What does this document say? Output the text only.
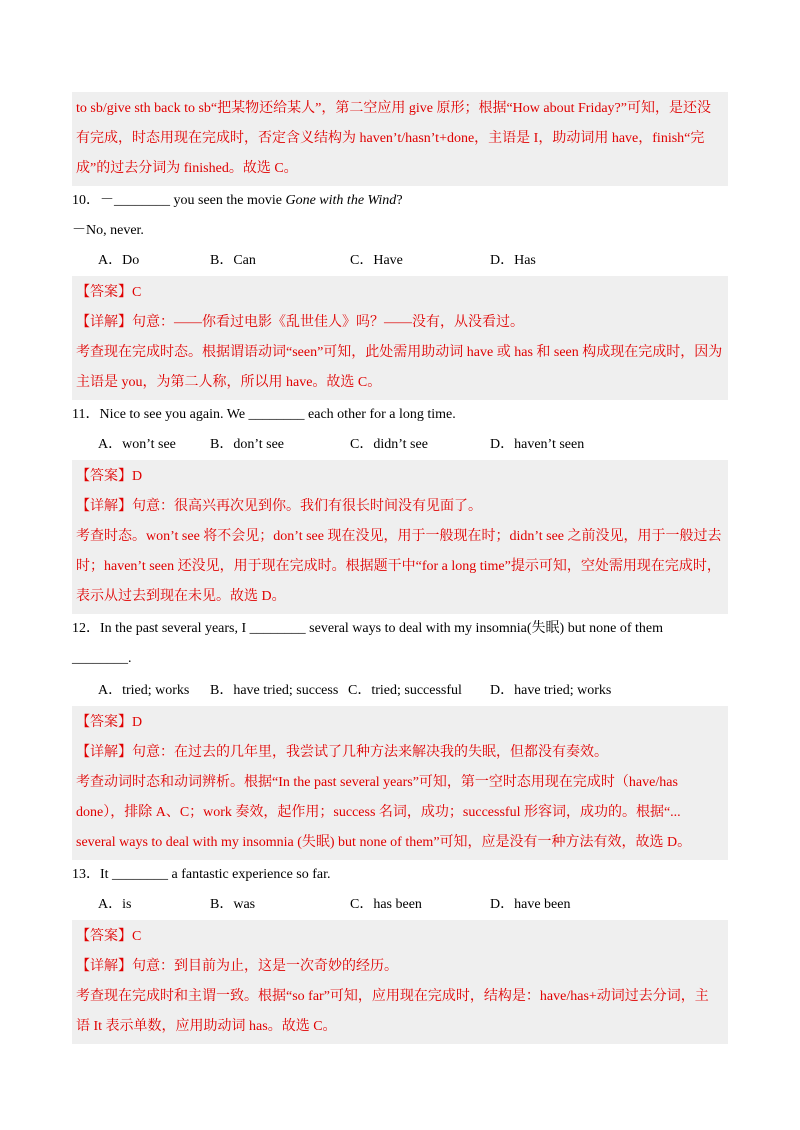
to sb/give sth back to sb“把某物还给某人”，第二空应用 give 原形；根据“How about Friday?”可知，是还没
有完成，时态用现在完成时，否定含义结构为 haven’t/hasn’t+done，主语是 I，助动词用 have，finish“完
成”的过去分词为 finished。故选 C。
10．－________ you seen the movie Gone with the Wind?
－No, never.
A．Do	B．Can	C．Have	D．Has
【答案】C
【详解】句意：——你看过电影《乱世佳人》吗？——没有，从没看过。
考查现在完成时态。根据谓语动词“seen”可知，此处需用助动词 have 或 has 和 seen 构成现在完成时，因为
主语是 you，为第二人称，所以用 have。故选 C。
11．Nice to see you again. We ________ each other for a long time.
A．won’t see B．don’t see	C．didn’t see	D．haven’t seen
【答案】D
【详解】句意：很高兴再次见到你。我们有很长时间没有见面了。
考查时态。won’t see 将不会见；don’t see 现在没见，用于一般现在时；didn’t see 之前没见，用于一般过去
时；haven’t seen 还没见，用于现在完成时。根据题干中“for a long time”提示可知，空处需用现在完成时，
表示从过去到现在未见。故选 D。
12．In the past several years, I ________ several ways to deal with my insomnia(失眠) but none of them
________.
A．tried; works B．have tried; success C．tried; successful D．have tried; works
【答案】D
【详解】句意：在过去的几年里，我尝试了几种方法来解决我的失眠，但都没有奏效。
考查动词时态和动词辨析。根据“In the past several years”可知，第一空时态用现在完成时（have/has
done），排除 A、C；work 奏效，起作用；success 名词，成功；successful 形容词，成功的。根据“...
several ways to deal with my insomnia (失眠) but none of them”可知，应是没有一种方法有效，故选 D。
13．It ________ a fantastic experience so far.
A．is	B．was	C．has been	D．have been
【答案】C
【详解】句意：到目前为止，这是一次奇妙的经历。
考查现在完成时和主谓一致。根据“so far”可知，应用现在完成时，结构是：have/has+动词过去分词，主
语 It 表示单数，应用助动词 has。故选 C。
